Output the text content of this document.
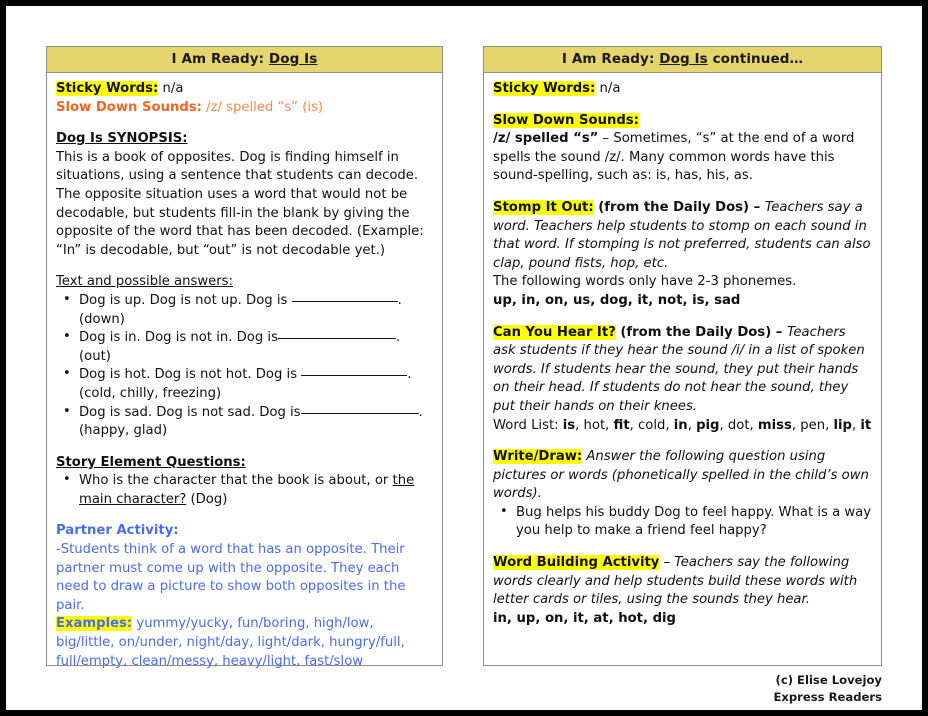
I Am Ready: Dog Is
Sticky Words: n/a
Slow Down Sounds: /z/ spelled “s” (is)
Dog Is SYNOPSIS:
This is a book of opposites. Dog is finding himself in situations, using a sentence that students can decode. The opposite situation uses a word that would not be decodable, but students fill-in the blank by giving the opposite of the word that has been decoded. (Example: “In” is decodable, but “out” is not decodable yet.)
Text and possible answers:
• Dog is up. Dog is not up. Dog is	.
(down)
• Dog is in. Dog is not in. Dog is	. (out)
• Dog is hot. Dog is not hot. Dog is	.
(cold, chilly, freezing)
• Dog is sad. Dog is not sad. Dog is	.
(happy, glad)
Story Element Questions:
• Who is the character that the book is about, or the main character? (Dog)
Partner Activity:
-Students think of a word that has an opposite. Their partner must come up with the opposite. They each need to draw a picture to show both opposites in the pair.
Examples: yummy/yucky, fun/boring, high/low, big/little, on/under, night/day, light/dark, hungry/full, full/empty, clean/messy, heavy/light, fast/slow
I Am Ready: Dog Is continued…
Sticky Words: n/a
Slow Down Sounds:
/z/ spelled “s” – Sometimes, “s” at the end of a word spells the sound /z/. Many common words have this sound-spelling, such as: is, has, his, as.
Stomp It Out: (from the Daily Dos) – Teachers say a word. Teachers help students to stomp on each sound in that word. If stomping is not preferred, students can also clap, pound fists, hop, etc.
The following words only have 2-3 phonemes.
up, in, on, us, dog, it, not, is, sad
Can You Hear It? (from the Daily Dos) – Teachers ask students if they hear the sound /i/ in a list of spoken words. If students hear the sound, they put their hands on their head. If students do not hear the sound, they put their hands on their knees.
Word List: is, hot, fit, cold, in, pig, dot, miss, pen, lip, it
Write/Draw: Answer the following question using pictures or words (phonetically spelled in the child’s own words).
• Bug helps his buddy Dog to feel happy. What is a way you help to make a friend feel happy?
Word Building Activity – Teachers say the following words clearly and help students build these words with letter cards or tiles, using the sounds they hear.
in, up, on, it, at, hot, dig
(c) Elise Lovejoy
Express Readers
